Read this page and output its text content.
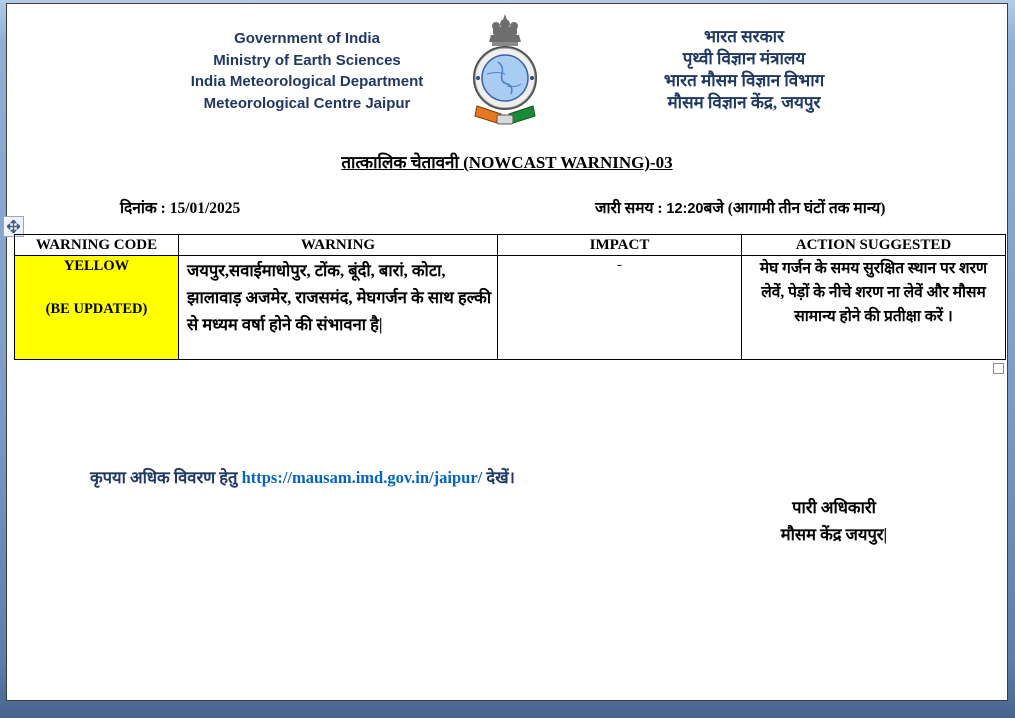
Government of India
Ministry of Earth Sciences
India Meteorological Department
Meteorological Centre Jaipur
भारत सरकार
पृथ्वी विज्ञान मंत्रालय
भारत मौसम विज्ञान विभाग
मौसम विज्ञान केंद्र, जयपुर
तात्कालिक चेतावनी (NOWCAST WARNING)-03
दिनांक : 15/01/2025	जारी समय : 12:20बजे (आगामी तीन घंटों तक मान्य)
WARNING CODE	WARNING	IMPACT	ACTION SUGGESTED

YELLOW
(BE UPDATED)	जयपुर,सवाईमाधोपुर, टोंक, बूंदी, बारां, कोटा, झालावाड़ अजमेर, राजसमंद, मेघगर्जन के साथ हल्की से मध्यम वर्षा होने की संभावना है|	-	मेघ गर्जन के समय सुरक्षित स्थान पर शरण लेवें, पेड़ों के नीचे शरण ना लेवें और मौसम सामान्य होने की प्रतीक्षा करें ।
कृपया अधिक विवरण हेतु https://mausam.imd.gov.in/jaipur/ देखें।
पारी अधिकारी
मौसम केंद्र जयपुर|
